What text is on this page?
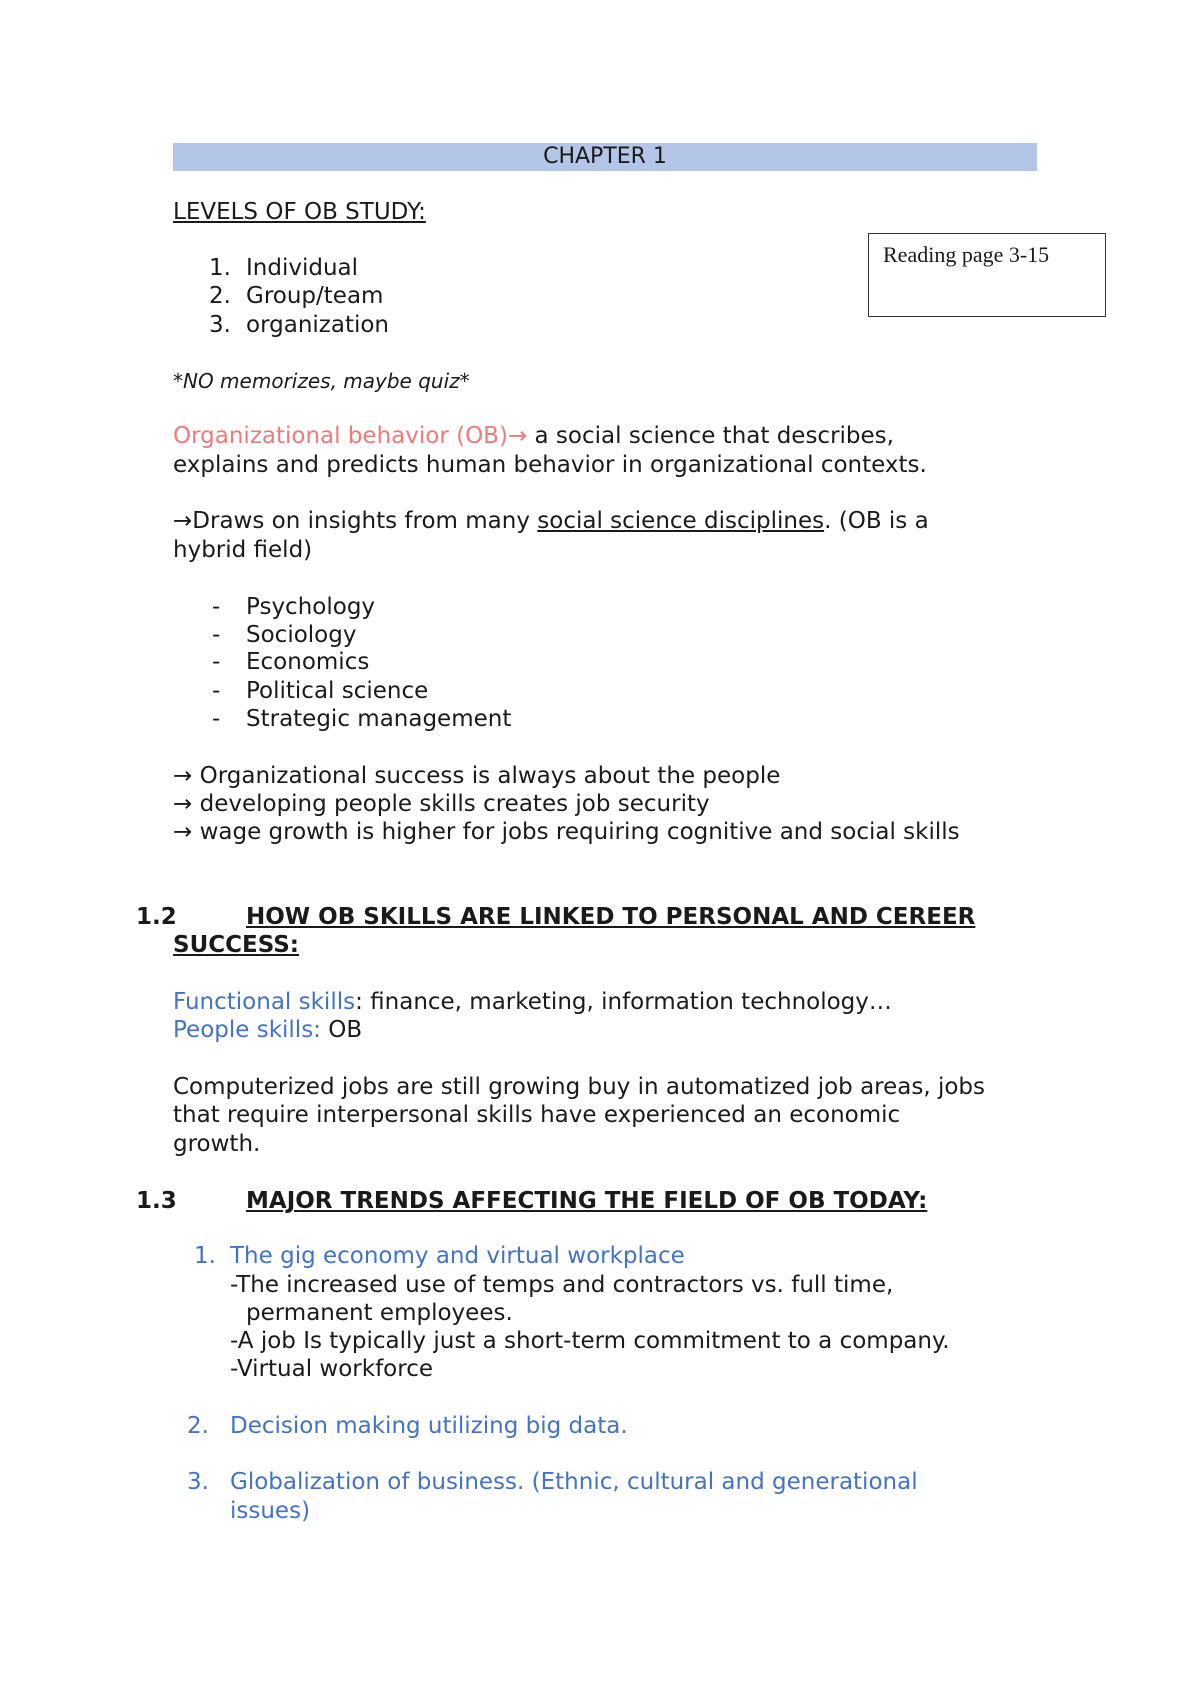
CHAPTER 1
LEVELS OF OB STUDY:
1. Individual
2. Group/team
3. organization
Reading page 3-15
*NO memorizes, maybe quiz*
Organizational behavior (OB)→ a social science that describes,
explains and predicts human behavior in organizational contexts.
→Draws on insights from many social science disciplines. (OB is a
hybrid field)
- Psychology
- Sociology
- Economics
- Political science
- Strategic management
→ Organizational success is always about the people
→ developing people skills creates job security
→ wage growth is higher for jobs requiring cognitive and social skills
1.2	HOW OB SKILLS ARE LINKED TO PERSONAL AND CEREER
SUCCESS:
Functional skills: finance, marketing, information technology…
People skills: OB
Computerized jobs are still growing buy in automatized job areas, jobs
that require interpersonal skills have experienced an economic
growth.
1.3	MAJOR TRENDS AFFECTING THE FIELD OF OB TODAY:
1. The gig economy and virtual workplace
-The increased use of temps and contractors vs. full time,
permanent employees.
-A job Is typically just a short-term commitment to a company.
-Virtual workforce
2. Decision making utilizing big data.
3. Globalization of business. (Ethnic, cultural and generational
issues)
